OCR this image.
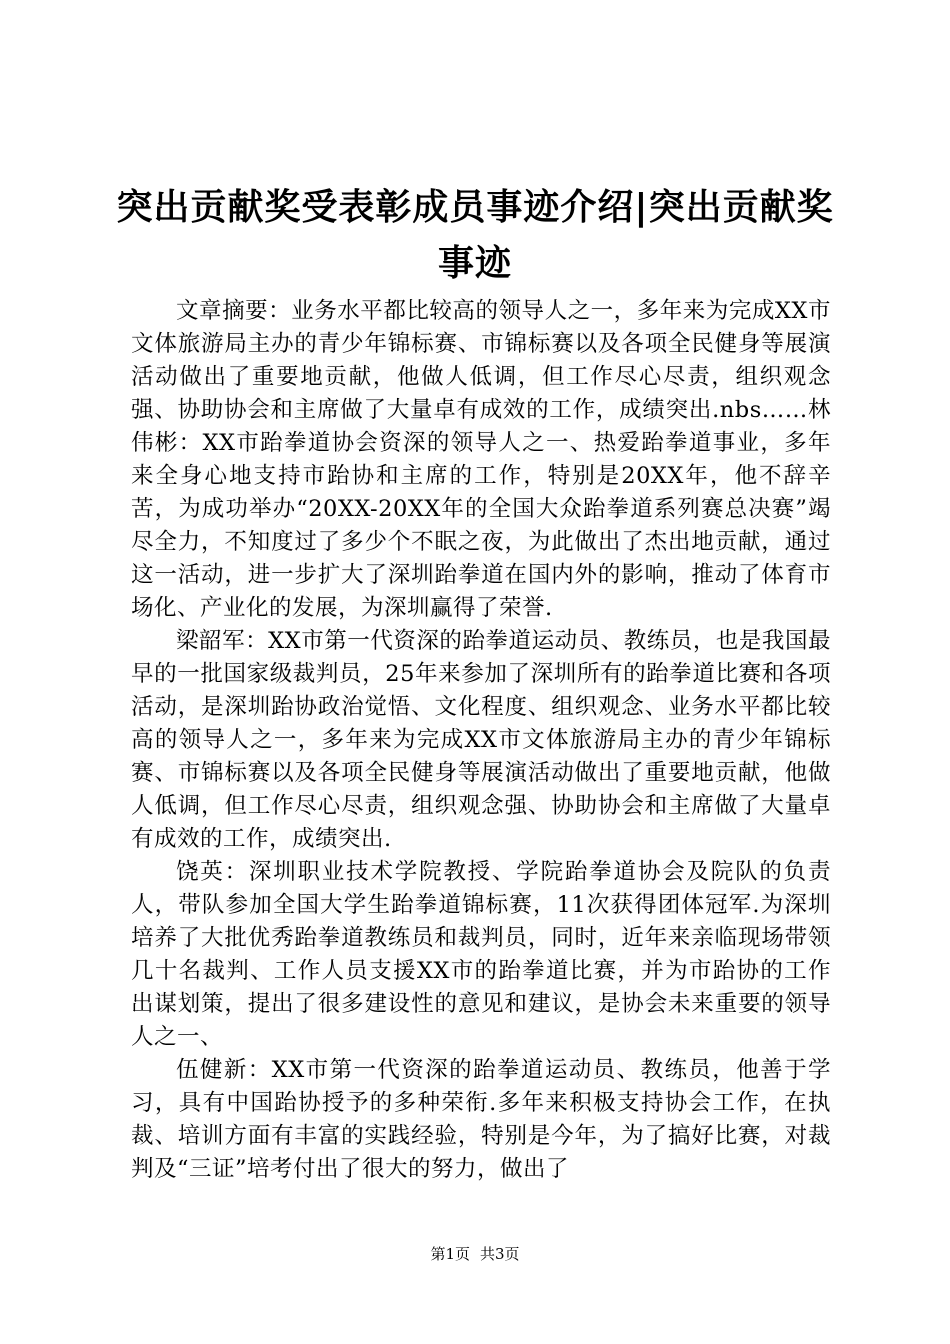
突出贡献奖受表彰成员事迹介绍|突出贡献奖事迹

文章摘要：业务水平都比较高的领导人之一，多年来为完成XX市文体旅游局主办的青少年锦标赛、市锦标赛以及各项全民健身等展演活动做出了重要地贡献，他做人低调，但工作尽心尽责，组织观念强、协助协会和主席做了大量卓有成效的工作，成绩突出.nbs……林伟彬：XX市跆拳道协会资深的领导人之一、热爱跆拳道事业，多年来全身心地支持市跆协和主席的工作，特别是20XX年，他不辞辛苦，为成功举办“20XX-20XX年的全国大众跆拳道系列赛总决赛”竭尽全力，不知度过了多少个不眠之夜，为此做出了杰出地贡献，通过这一活动，进一步扩大了深圳跆拳道在国内外的影响，推动了体育市场化、产业化的发展，为深圳赢得了荣誉.

梁韶军：XX市第一代资深的跆拳道运动员、教练员，也是我国最早的一批国家级裁判员，25年来参加了深圳所有的跆拳道比赛和各项活动，是深圳跆协政治觉悟、文化程度、组织观念、业务水平都比较高的领导人之一，多年来为完成XX市文体旅游局主办的青少年锦标赛、市锦标赛以及各项全民健身等展演活动做出了重要地贡献，他做人低调，但工作尽心尽责，组织观念强、协助协会和主席做了大量卓有成效的工作，成绩突出.

饶英：深圳职业技术学院教授、学院跆拳道协会及院队的负责人，带队参加全国大学生跆拳道锦标赛，11次获得团体冠军.为深圳培养了大批优秀跆拳道教练员和裁判员，同时，近年来亲临现场带领几十名裁判、工作人员支援XX市的跆拳道比赛，并为市跆协的工作出谋划策，提出了很多建设性的意见和建议，是协会未来重要的领导人之一、

伍健新：XX市第一代资深的跆拳道运动员、教练员，他善于学习，具有中国跆协授予的多种荣衔.多年来积极支持协会工作，在执裁、培训方面有丰富的实践经验，特别是今年，为了搞好比赛，对裁判及“三证”培考付出了很大的努力，做出了

第1页 共3页
